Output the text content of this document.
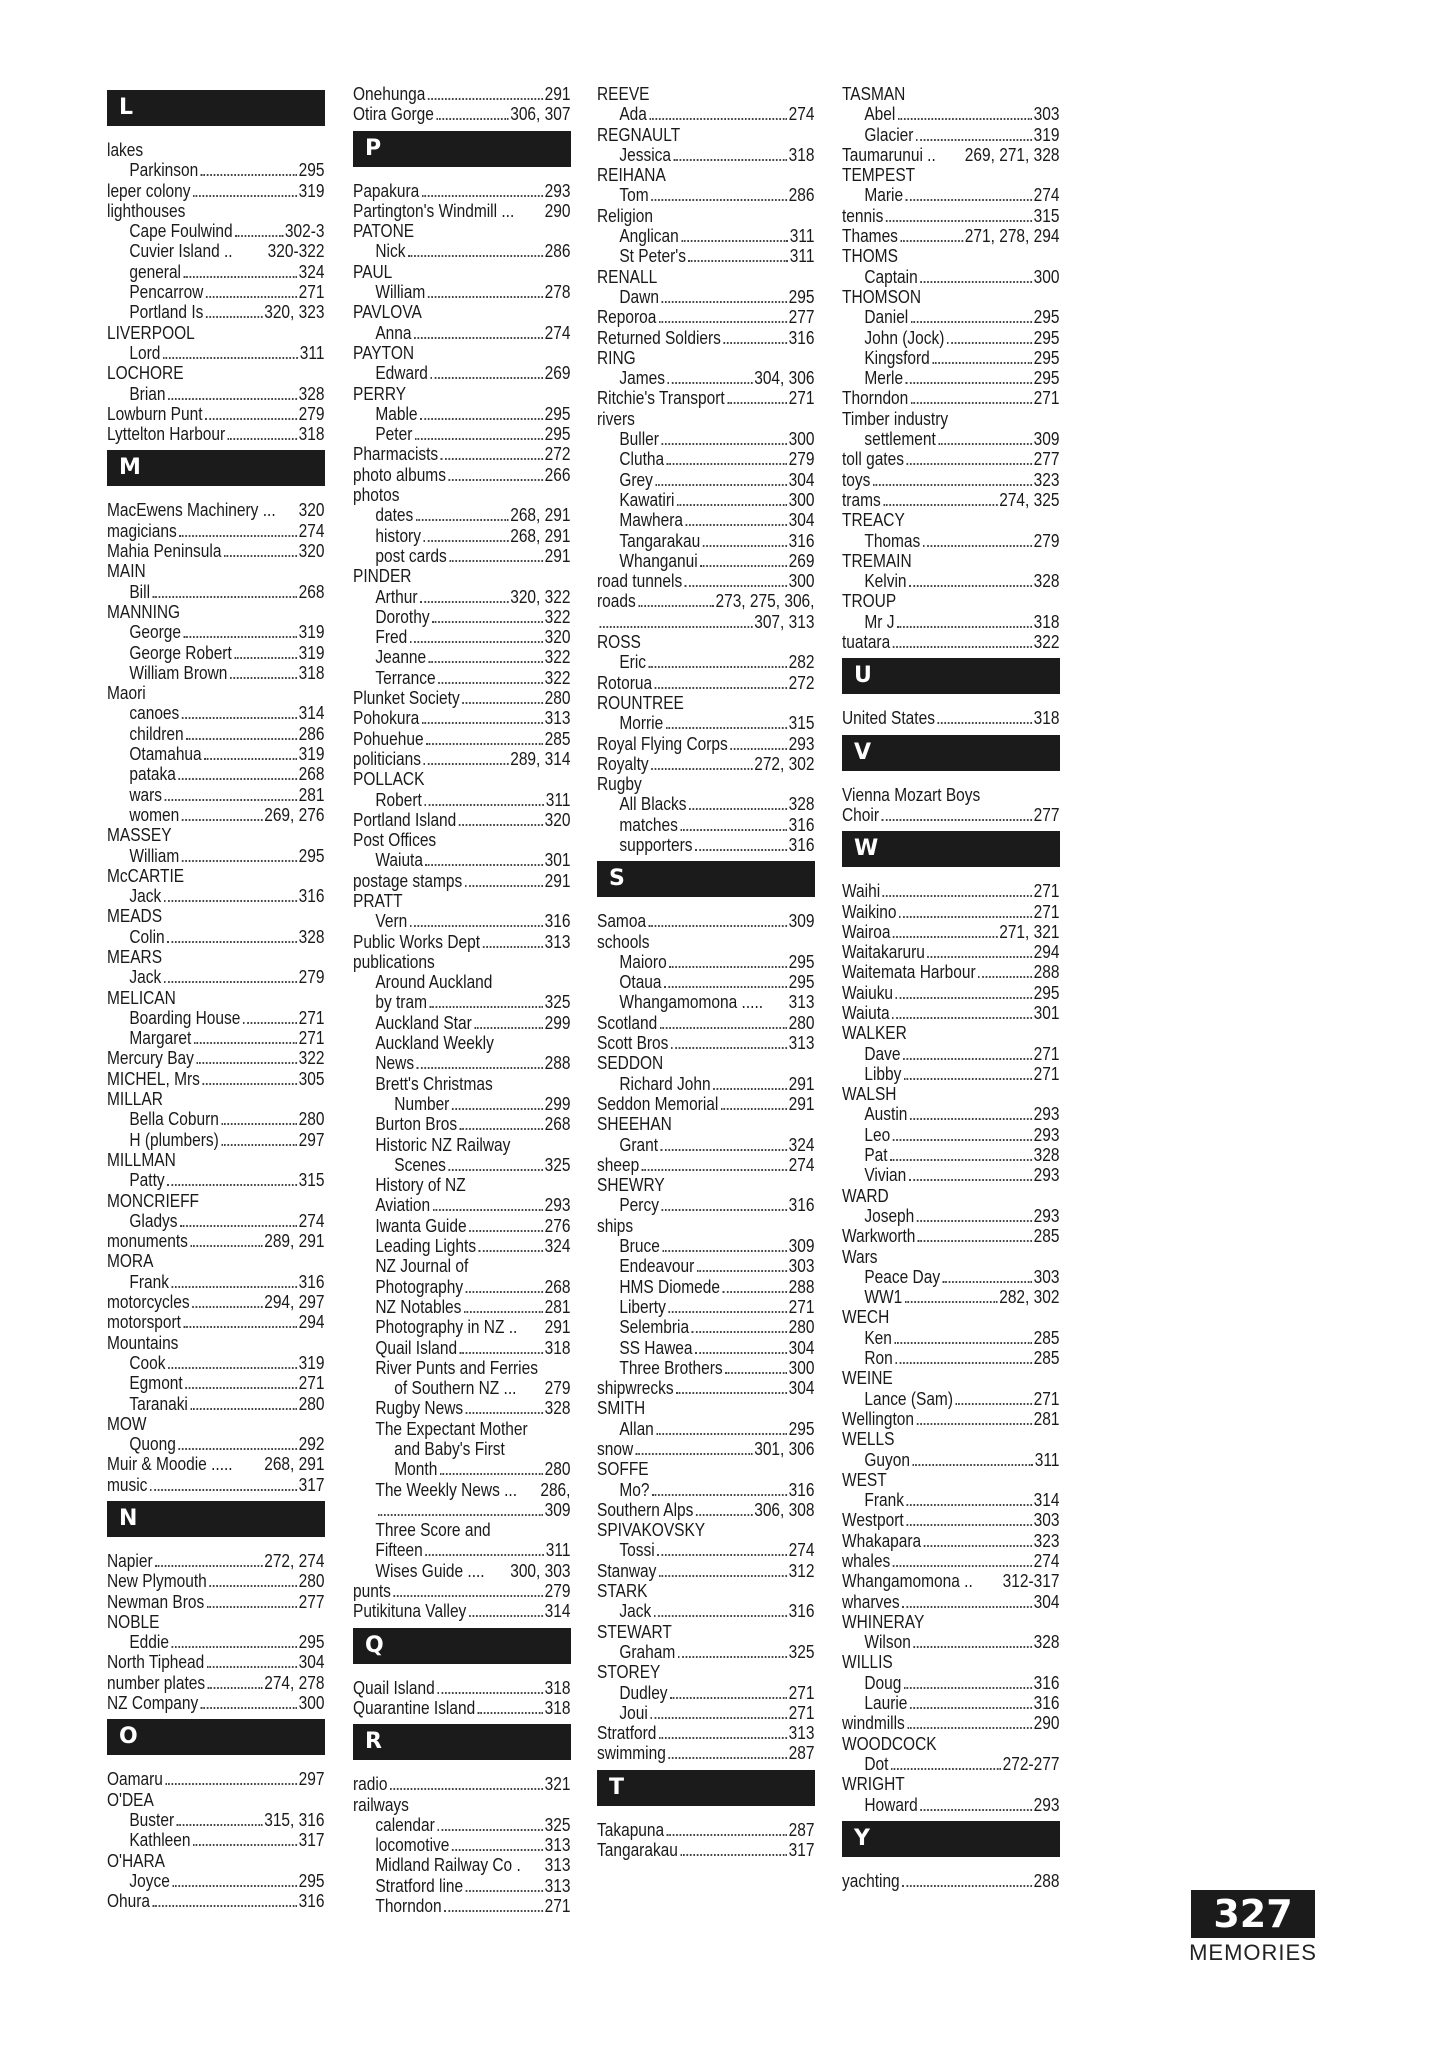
L
lakes
Parkinson	295
leper colony	319
lighthouses
Cape Foulwind	302-3
Cuvier Island .. 320-322
general	324
Pencarrow	271
Portland Is	320, 323
LIVERPOOL
Lord	311
LOCHORE
Brian	328
Lowburn Punt	279
Lyttelton Harbour	318
M
MacEwens Machinery ... 320
magicians	274
Mahia Peninsula	320
MAIN
Bill	268
MANNING
George	319
George Robert	319
William Brown	318
Maori
canoes	314
children	286
Otamahua	319
pataka	268
wars	281
women	269, 276
MASSEY
William	295
McCARTIE
Jack	316
MEADS
Colin	328
MEARS
Jack	279
MELICAN
Boarding House	271
Margaret	271
Mercury Bay	322
MICHEL, Mrs	305
MILLAR
Bella Coburn	280
H (plumbers)	297
MILLMAN
Patty	315
MONCRIEFF
Gladys	274
monuments	289, 291
MORA
Frank	316
motorcycles	294, 297
motorsport	294
Mountains
Cook	319
Egmont	271
Taranaki	280
MOW
Quong	292
Muir & Moodie ..... 268, 291
music	317
N
Napier	272, 274
New Plymouth	280
Newman Bros	277
NOBLE
Eddie	295
North Tiphead	304
number plates	274, 278
NZ Company	300
O
Oamaru	297
O'DEA
Buster	315, 316
Kathleen	317
O'HARA
Joyce	295
Ohura	316
Onehunga	291
Otira Gorge	306, 307
P
Papakura	293
Partington's Windmill ... 290
PATONE
Nick	286
PAUL
William	278
PAVLOVA
Anna	274
PAYTON
Edward	269
PERRY
Mable	295
Peter	295
Pharmacists	272
photo albums	266
photos
dates	268, 291
history	268, 291
post cards	291
PINDER
Arthur	320, 322
Dorothy	322
Fred	320
Jeanne	322
Terrance	322
Plunket Society	280
Pohokura	313
Pohuehue	285
politicians	289, 314
POLLACK
Robert	311
Portland Island	320
Post Offices
Waiuta	301
postage stamps	291
PRATT
Vern	316
Public Works Dept	313
publications
Around Auckland
by tram	325
Auckland Star	299
Auckland Weekly
News	288
Brett's Christmas
Number	299
Burton Bros	268
Historic NZ Railway
Scenes	325
History of NZ
Aviation	293
Iwanta Guide	276
Leading Lights	324
NZ Journal of
Photography	268
NZ Notables	281
Photography in NZ .. 291
Quail Island	318
River Punts and Ferries
of Southern NZ ... 279
Rugby News	328
The Expectant Mother
and Baby's First
Month	280
The Weekly News ... 286,
309
Three Score and
Fifteen	311
Wises Guide .... 300, 303
punts	279
Putikituna Valley	314
Q
Quail Island	318
Quarantine Island	318
R
radio	321
railways
calendar	325
locomotive	313
Midland Railway Co . 313
Stratford line	313
Thorndon	271
REEVE
Ada	274
REGNAULT
Jessica	318
REIHANA
Tom	286
Religion
Anglican	311
St Peter's	311
RENALL
Dawn	295
Reporoa	277
Returned Soldiers	316
RING
James	304, 306
Ritchie's Transport	271
rivers
Buller	300
Clutha	279
Grey	304
Kawatiri	300
Mawhera	304
Tangarakau	316
Whanganui	269
road tunnels	300
roads	273, 275, 306,
307, 313
ROSS
Eric	282
Rotorua	272
ROUNTREE
Morrie	315
Royal Flying Corps	293
Royalty	272, 302
Rugby
All Blacks	328
matches	316
supporters	316
S
Samoa	309
schools
Maioro	295
Otaua	295
Whangamomona ..... 313
Scotland	280
Scott Bros	313
SEDDON
Richard John	291
Seddon Memorial	291
SHEEHAN
Grant	324
sheep	274
SHEWRY
Percy	316
ships
Bruce	309
Endeavour	303
HMS Diomede	288
Liberty	271
Selembria	280
SS Hawea	304
Three Brothers	300
shipwrecks	304
SMITH
Allan	295
snow	301, 306
SOFFE
Mo?	316
Southern Alps	306, 308
SPIVAKOVSKY
Tossi	274
Stanway	312
STARK
Jack	316
STEWART
Graham	325
STOREY
Dudley	271
Joui	271
Stratford	313
swimming	287
T
Takapuna	287
Tangarakau	317
TASMAN
Abel	303
Glacier	319
Taumarunui .. 269, 271, 328
TEMPEST
Marie	274
tennis	315
Thames	271, 278, 294
THOMS
Captain	300
THOMSON
Daniel	295
John (Jock)	295
Kingsford	295
Merle	295
Thorndon	271
Timber industry
settlement	309
toll gates	277
toys	323
trams	274, 325
TREACY
Thomas	279
TREMAIN
Kelvin	328
TROUP
Mr J	318
tuatara	322
U
United States	318
V
Vienna Mozart Boys
Choir	277
W
Waihi	271
Waikino	271
Wairoa	271, 321
Waitakaruru	294
Waitemata Harbour	288
Waiuku	295
Waiuta	301
WALKER
Dave	271
Libby	271
WALSH
Austin	293
Leo	293
Pat	328
Vivian	293
WARD
Joseph	293
Warkworth	285
Wars
Peace Day	303
WW1	282, 302
WECH
Ken	285
Ron	285
WEINE
Lance (Sam)	271
Wellington	281
WELLS
Guyon	311
WEST
Frank	314
Westport	303
Whakapara	323
whales	274
Whangamomona .. 312-317
wharves	304
WHINERAY
Wilson	328
WILLIS
Doug	316
Laurie	316
windmills	290
WOODCOCK
Dot	272-277
WRIGHT
Howard	293
Y
yachting	288
327
MEMORIES
